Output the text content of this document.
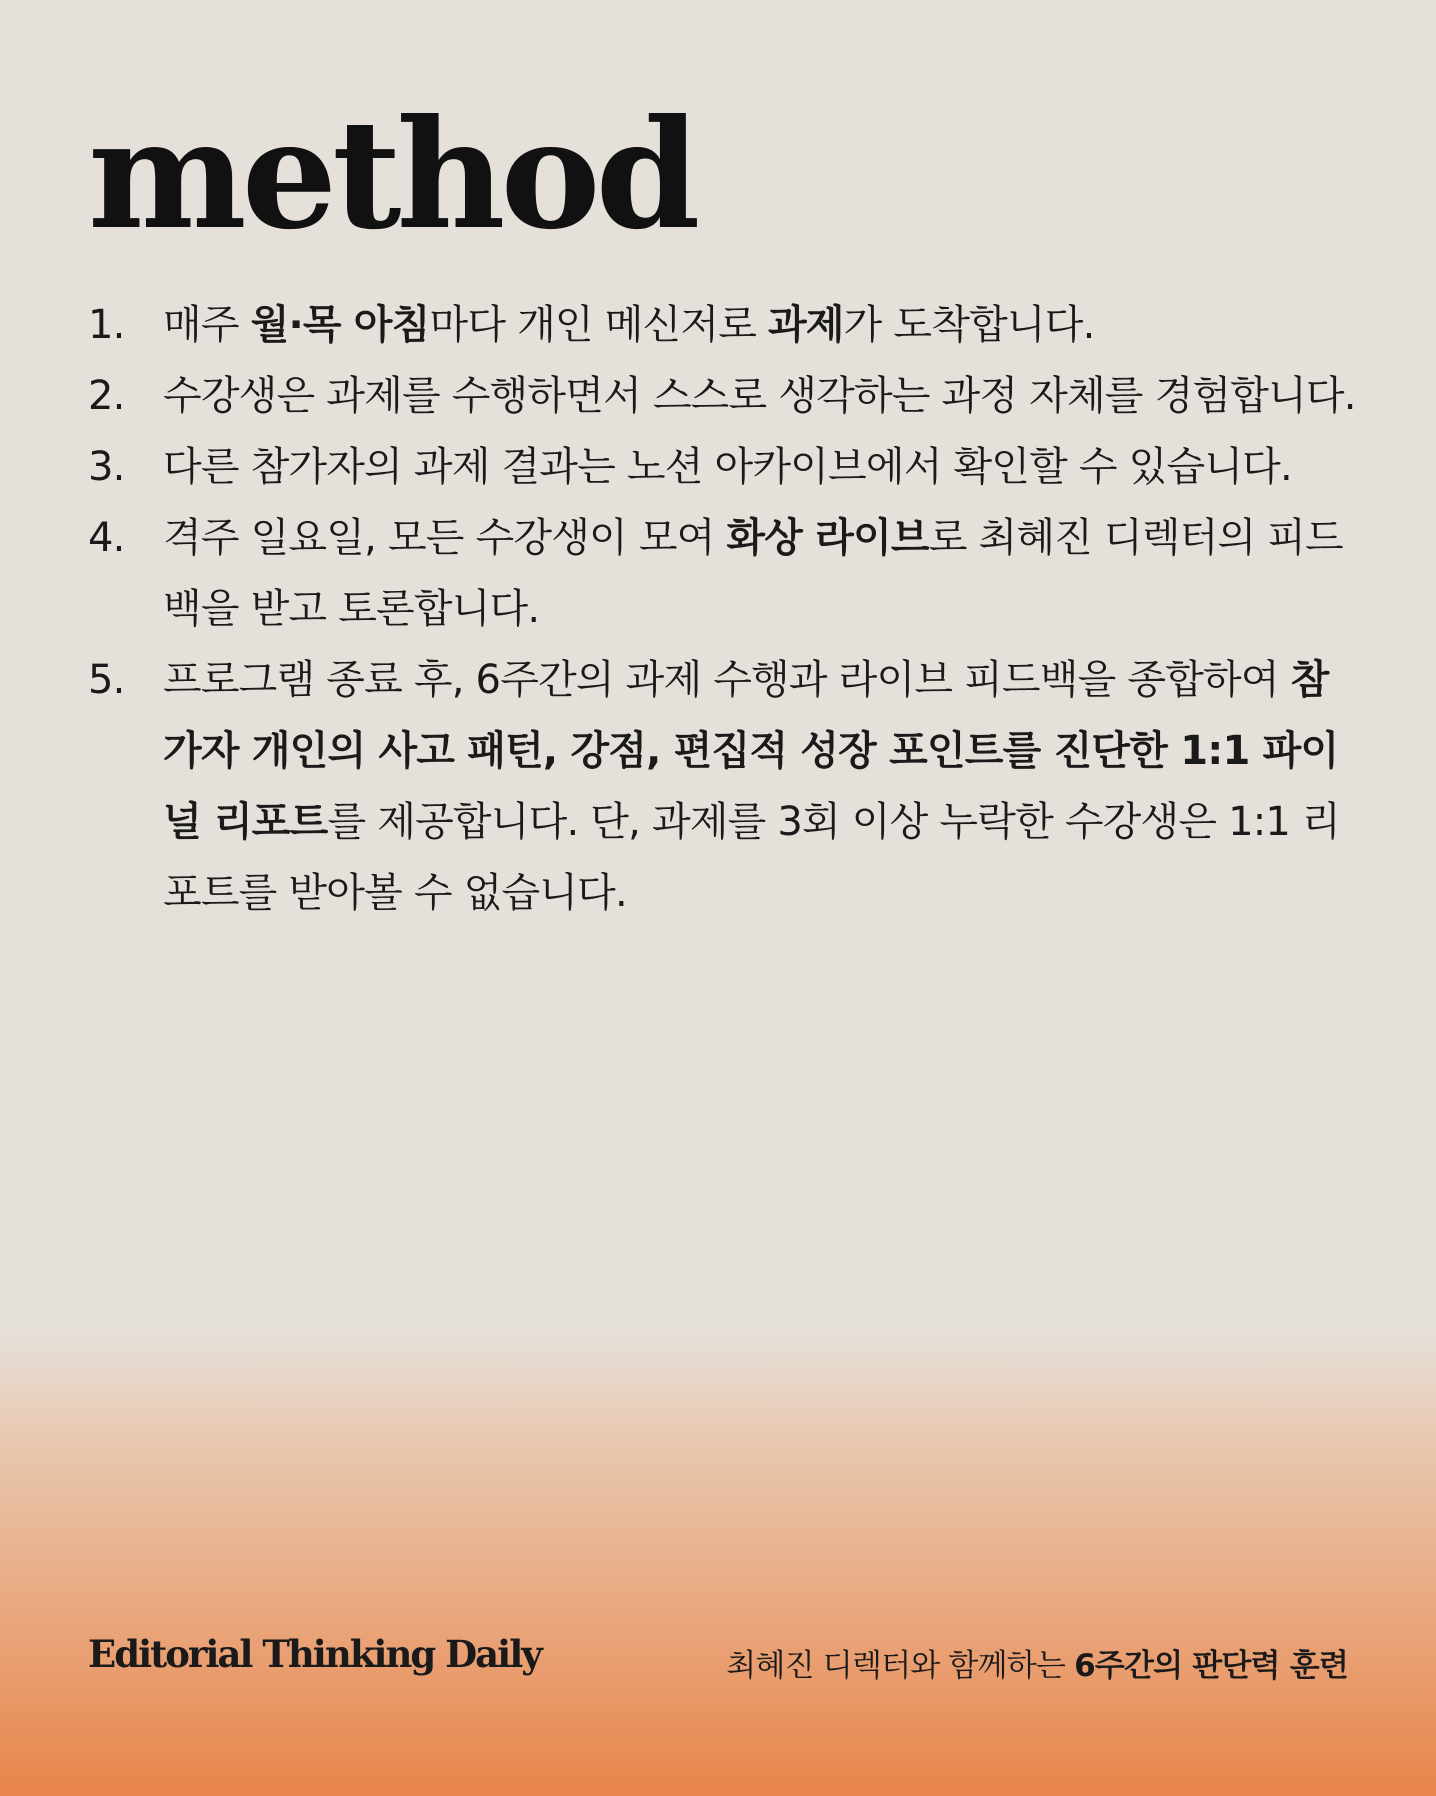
method
1. 매주 월·목 아침마다 개인 메신저로 과제가 도착합니다.
2. 수강생은 과제를 수행하면서 스스로 생각하는 과정 자체를 경험합니다.
3. 다른 참가자의 과제 결과는 노션 아카이브에서 확인할 수 있습니다.
4. 격주 일요일, 모든 수강생이 모여 화상 라이브로 최혜진 디렉터의 피드백을 받고 토론합니다.
5. 프로그램 종료 후, 6주간의 과제 수행과 라이브 피드백을 종합하여 참가자 개인의 사고 패턴, 강점, 편집적 성장 포인트를 진단한 1:1 파이널 리포트를 제공합니다. 단, 과제를 3회 이상 누락한 수강생은 1:1 리포트를 받아볼 수 없습니다.
Editorial Thinking Daily	최혜진 디렉터와 함께하는 6주간의 판단력 훈련
